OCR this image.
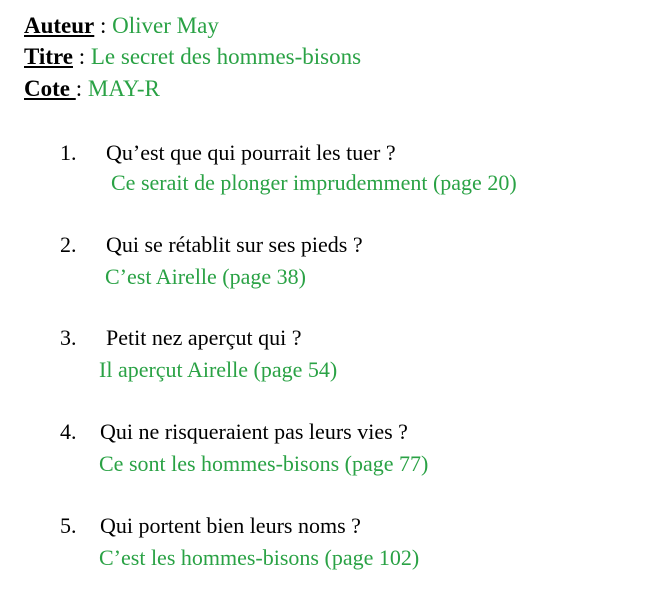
Auteur : Oliver May
Titre : Le secret des hommes-bisons
Cote : MAY-R
1. Qu’est que qui pourrait les tuer ?
Ce serait de plonger imprudemment (page 20)
2. Qui se rétablit sur ses pieds ?
C’est Airelle (page 38)
3. Petit nez aperçut qui ?
Il aperçut Airelle (page 54)
4. Qui ne risqueraient pas leurs vies ?
Ce sont les hommes-bisons (page 77)
5. Qui portent bien leurs noms ?
C’est les hommes-bisons (page 102)
